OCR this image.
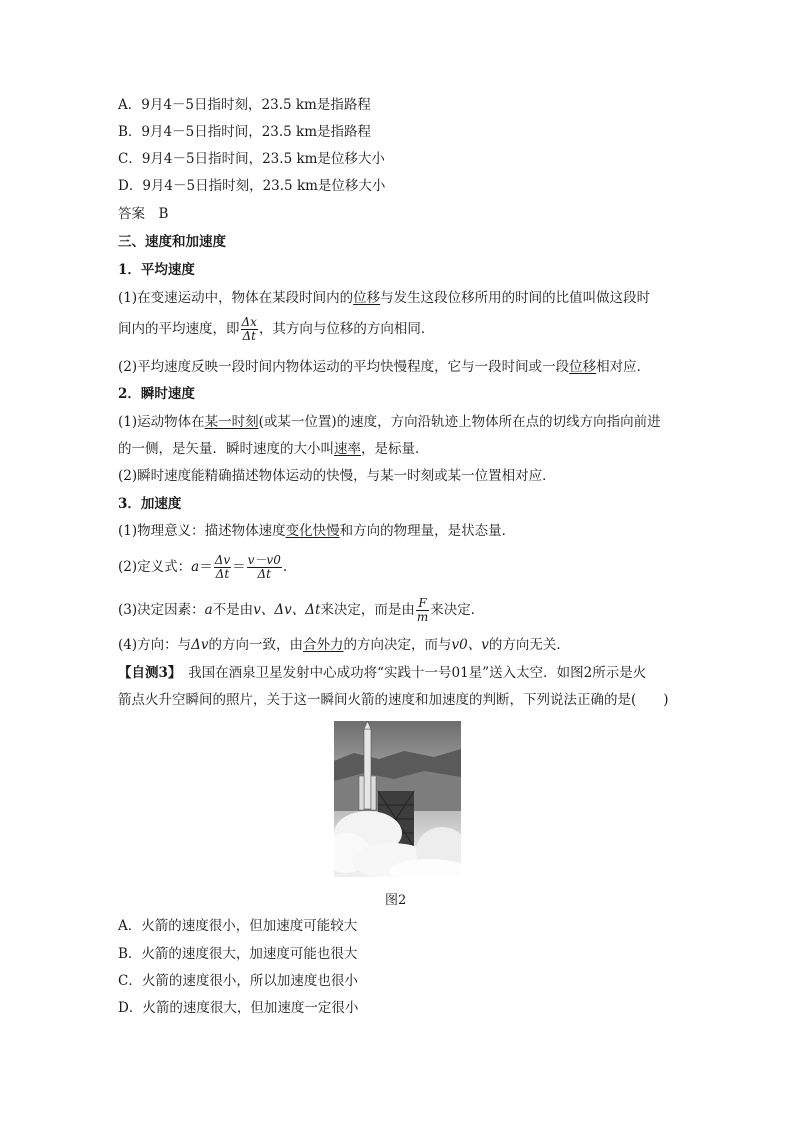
A．9月4－5日指时刻，23.5 km是指路程
B．9月4－5日指时间，23.5 km是指路程
C．9月4－5日指时间，23.5 km是位移大小
D．9月4－5日指时刻，23.5 km是位移大小
答案　B
三、速度和加速度
1．平均速度
(1)在变速运动中，物体在某段时间内的位移与发生这段位移所用的时间的比值叫做这段时
间内的平均速度，即 $\frac{\Delta x}{\Delta t}$ ，其方向与位移的方向相同．
(2)平均速度反映一段时间内物体运动的平均快慢程度，它与一段时间或一段位移相对应．
2．瞬时速度
(1)运动物体在某一时刻(或某一位置)的速度，方向沿轨迹上物体所在点的切线方向指向前进
的一侧，是矢量．瞬时速度的大小叫速率，是标量．
(2)瞬时速度能精确描述物体运动的快慢，与某一时刻或某一位置相对应．
3．加速度
(1)物理意义：描述物体速度变化快慢和方向的物理量，是状态量．
(2)定义式：$a= \frac{\Delta v}{\Delta t} = \frac{v-v0}{\Delta t}$ .
(3)决定因素：a不是由v、Δv、Δt来决定，而是由 $\frac{F}{m}$ 来决定．
(4)方向：与Δv的方向一致，由合外力的方向决定，而与v0、v的方向无关．
【自测3】　我国在酒泉卫星发射中心成功将“实践十一号01星”送入太空．如图2所示是火
箭点火升空瞬间的照片，关于这一瞬间火箭的速度和加速度的判断，下列说法正确的是(　　)
图2
A．火箭的速度很小，但加速度可能较大
B．火箭的速度很大，加速度可能也很大
C．火箭的速度很小，所以加速度也很小
D．火箭的速度很大，但加速度一定很小
